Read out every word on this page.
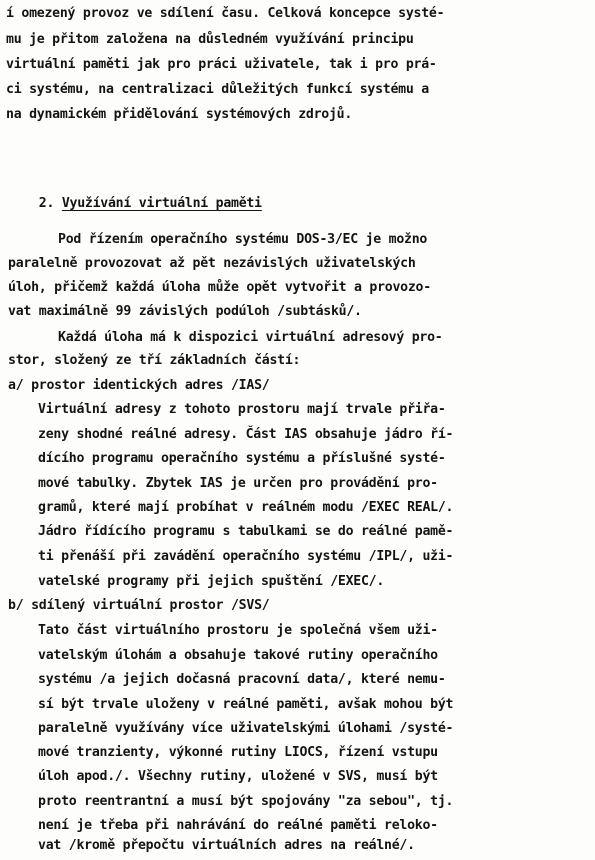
í omezený provoz ve sdílení času. Celková koncepce systé-
mu je přitom založena na důsledném využívání principu
virtuální paměti jak pro práci uživatele, tak i pro prá-
ci systému, na centralizaci důležitých funkcí systému a
na dynamickém přidělování systémových zdrojů.

2. Využívání virtuální paměti

Pod řízením operačního systému DOS-3/EC je možno
paralelně provozovat až pět nezávislých uživatelských
úloh, přičemž každá úloha může opět vytvořit a provozo-
vat maximálně 99 závislých podúloh /subtásků/.
Každá úloha má k dispozici virtuální adresový pro-
stor, složený ze tří základních částí:
a/ prostor identických adres /IAS/
Virtuální adresy z tohoto prostoru mají trvale přiřa-
zeny shodné reálné adresy. Část IAS obsahuje jádro ří-
dícího programu operačního systému a příslušné systé-
mové tabulky. Zbytek IAS je určen pro provádění pro-
gramů, které mají probíhat v reálném modu /EXEC REAL/.
Jádro řídícího programu s tabulkami se do reálné pamě-
ti přenáší při zavádění operačního systému /IPL/, uži-
vatelské programy při jejich spuštění /EXEC/.
b/ sdílený virtuální prostor /SVS/
Tato část virtuálního prostoru je společná všem uži-
vatelským úlohám a obsahuje takové rutiny operačního
systému /a jejich dočasná pracovní data/, které nemu-
sí být trvale uloženy v reálné paměti, avšak mohou být
paralelně využívány více uživatelskými úlohami /systé-
mové tranzienty, výkonné rutiny LIOCS, řízení vstupu
úloh apod./. Všechny rutiny, uložené v SVS, musí být
proto reentrantní a musí být spojovány "za sebou", tj.
není je třeba při nahrávání do reálné paměti relokо-
vat /kromě přepočtu virtuálních adres na reálné/.
